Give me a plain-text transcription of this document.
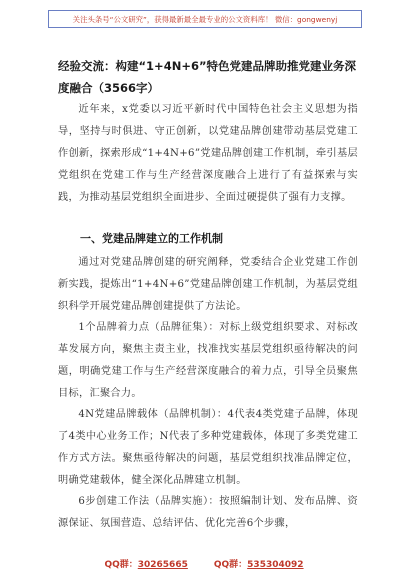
关注头条号“公文研究”，获得最新最全最专业的公文资料库！ 微信：gongwenyj
经验交流：构建“1+4N+6”特色党建品牌助推党建业务深度融合（3566字）
近年来，x党委以习近平新时代中国特色社会主义思想为指导，坚持与时俱进、守正创新，以党建品牌创建带动基层党建工作创新，探索形成“1+4N+6”党建品牌创建工作机制，牵引基层党组织在党建工作与生产经营深度融合上进行了有益探索与实践，为推动基层党组织全面进步、全面过硬提供了强有力支撑。
一、党建品牌建立的工作机制
通过对党建品牌创建的研究阐释，党委结合企业党建工作创新实践，提炼出“1+4N+6”党建品牌创建工作机制，为基层党组织科学开展党建品牌创建提供了方法论。
1个品牌着力点（品牌征集）：对标上级党组织要求、对标改革发展方向，聚焦主责主业，找准找实基层党组织亟待解决的问题，明确党建工作与生产经营深度融合的着力点，引导全员聚焦目标，汇聚合力。
4N党建品牌载体（品牌机制）：4代表4类党建子品牌，体现了4类中心业务工作；N代表了多种党建载体，体现了多类党建工作方式方法。聚焦亟待解决的问题，基层党组织找准品牌定位，明确党建载体，健全深化品牌建立机制。
6步创建工作法（品牌实施）：按照编制计划、发布品牌、资源保证、氛围营造、总结评估、优化完善6个步骤，
QQ群：30265665	QQ群：535304092
